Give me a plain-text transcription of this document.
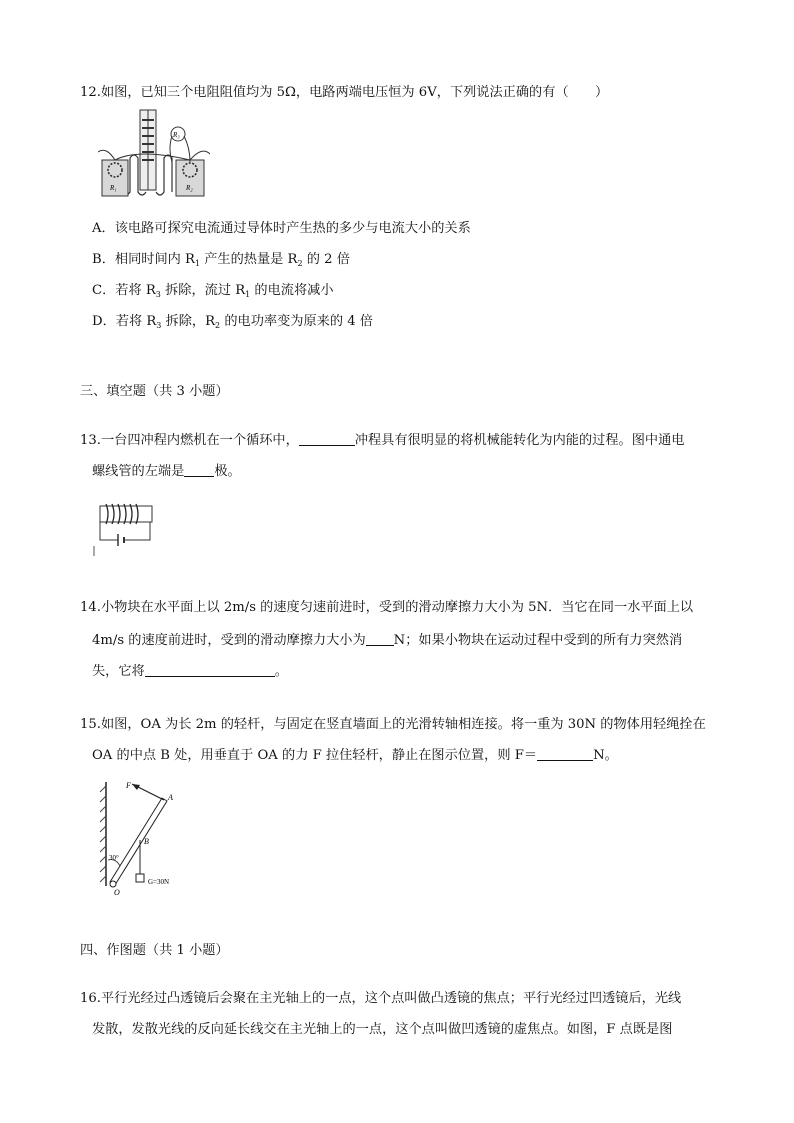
12.如图，已知三个电阻阻值均为 5Ω，电路两端电压恒为 6V，下列说法正确的有（　　）
R₁	R₂
R₃
A．该电路可探究电流通过导体时产生热的多少与电流大小的关系
B．相同时间内 $R_1$ 产生的热量是 $R_2$ 的 2 倍
C．若将 $R_3$ 拆除，流过 $R_1$ 的电流将减小
D．若将 $R_3$ 拆除，$R_2$ 的电功率变为原来的 4 倍
三、填空题（共 3 小题）
13.一台四冲程内燃机在一个循环中，	冲程具有很明显的将机械能转化为内能的过程。图中通电
螺线管的左端是 极。
14.小物块在水平面上以 2m/s 的速度匀速前进时，受到的滑动摩擦力大小为 5N．当它在同一水平面上以
4m/s 的速度前进时，受到的滑动摩擦力大小为 N；如果小物块在运动过程中受到的所有力突然消
失，它将	。
15.如图，OA 为长 2m 的轻杆，与固定在竖直墙面上的光滑转轴相连接。将一重为 30N 的物体用轻绳拴在
OA 的中点 B 处，用垂直于 OA 的力 F 拉住轻杆，静止在图示位置，则 F＝	N。
F
A
B
30°
O
G=30N
四、作图题（共 1 小题）
16.平行光经过凸透镜后会聚在主光轴上的一点，这个点叫做凸透镜的焦点；平行光经过凹透镜后，光线
发散，发散光线的反向延长线交在主光轴上的一点，这个点叫做凹透镜的虚焦点。如图，F 点既是图
